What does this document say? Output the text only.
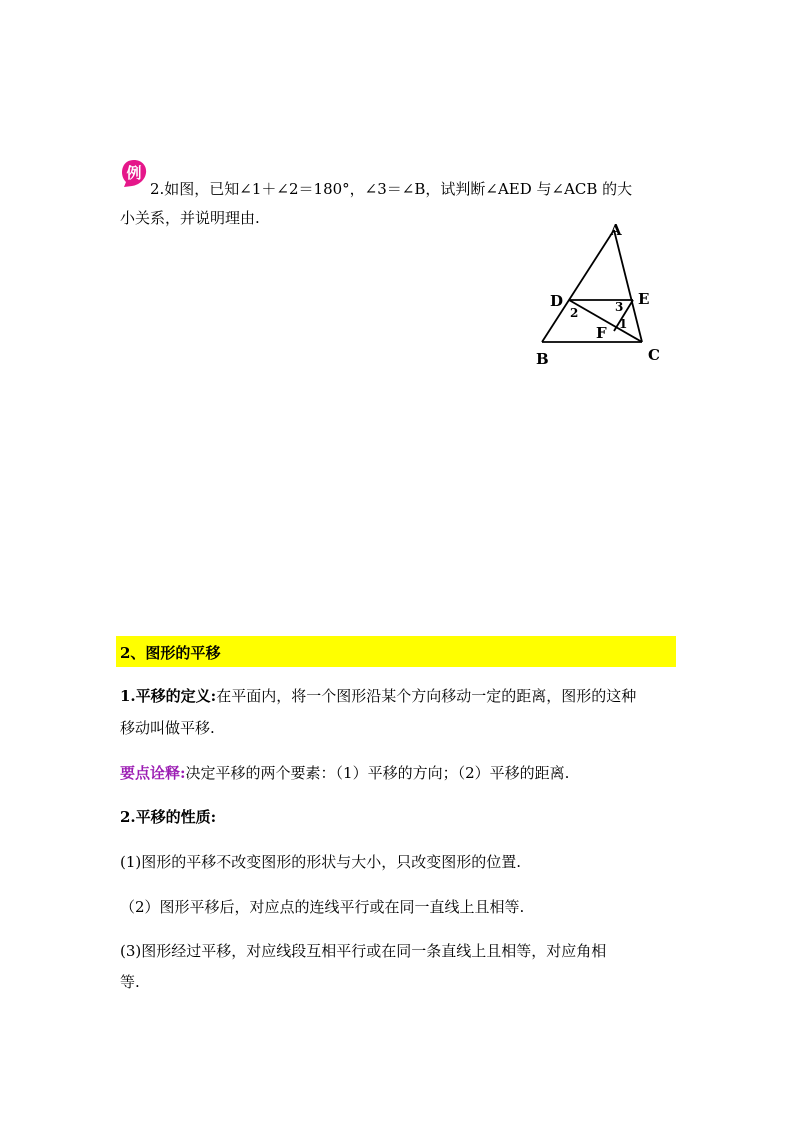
例

2.如图，已知∠1＋∠2＝180°，∠3＝∠B，试判断∠AED 与∠ACB 的大

小关系，并说明理由.

A
B	C
D	E
F
2	3
1
2、图形的平移

1.平移的定义:在平面内，将一个图形沿某个方向移动一定的距离，图形的这种

移动叫做平移.

要点诠释:决定平移的两个要素：（1）平移的方向；（2）平移的距离.

2.平移的性质:

(1)图形的平移不改变图形的形状与大小，只改变图形的位置.

（2）图形平移后，对应点的连线平行或在同一直线上且相等.

(3)图形经过平移，对应线段互相平行或在同一条直线上且相等，对应角相

等.
